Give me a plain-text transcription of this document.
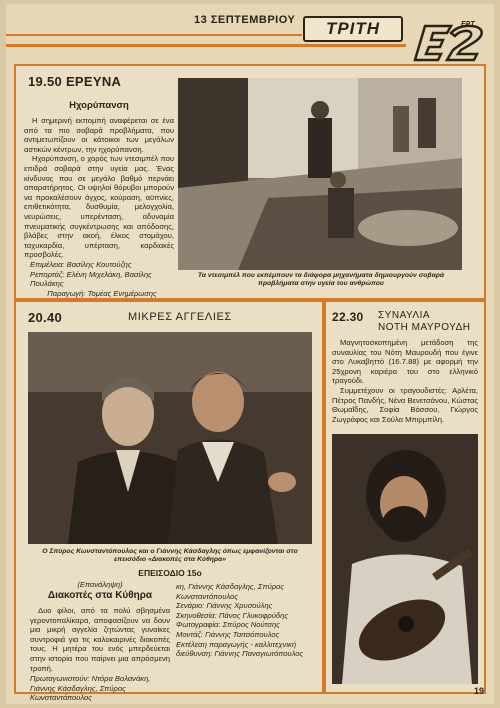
13 ΣΕΠΤΕΜΒΡΙΟΥ	ΤΡΙΤΗ	ΕΡΤ
19.50 ΕΡΕΥΝΑ
Ηχορύπανση

Η σημερινή εκπομπή αναφέρεται σε ένα από τα πιο σοβαρά προβλήματα, που αντιμετωπίζουν οι κάτοικοι των μεγάλων αστικών κέντρων, την ηχορύπανση.

Ηχορύπανση, ο χορός των ντεσιμπέλ που επιδρά σοβαρά στην υγεία μας. Ένας κίνδυνος που σε μεγάλο βαθμό περνάει απαρατήρητος. Οι υψηλοί θόρυβοι μπορούν να προκαλέσουν άγχος, κούραση, αϋπνίες, επιθετικότητα, δυσθυμία, μελογχολία, νευρώσεις, υπερένταση, αδυναμία πνευματικής συγκέντρωσης και απόδοσης, βλάβες στην ακοή, έλκος στομάχου, ταχυκαρδία, υπέρταση, καρδιακές προσβολές.

Επιμέλεια: Βασίλης Κουτούζης
Ρεπορτάζ: Ελένη Μιχελάκη, Βασίλης Πουλάκης
Παραγωγή: Τομέας Ενημέρωσης
Τα ντεσιμπέλ που εκπέμπουν τα διάφορα μηχανήματα δημιουργούν σοβαρά προβλήματα στην υγεία του ανθρώπου
20.40	ΜΙΚΡΕΣ ΑΓΓΕΛΙΕΣ
Ο Σπύρος Κωνσταντόπουλος και ο Γιάννης Κάσδαγλης όπως εμφανίζονται στο επεισόδιο «Διακοπές στα Κύθηρα»
ΕΠΕΙΣΟΔΙΟ 15ο
(Επανάληψη)
Διακοπές στα Κύθηρα

Δυο φίλοι, από τα πολύ σβησμένα γεροντοπαλίκαρα, αποφασίζουν να δουν μια μικρή αγγελία ζητώντας γυναίκες συντροφιά για τις καλοκαιρινές διακοπές τους. Η μητέρα του ενός μπερδεύεται στην ιστορία που παίρνει μια απρόσμενη τροπή.

Πρωταγωνιστούν: Ντόρα Βολανάκη, Γιάννης Κάσδαγλης, Σπύρος Κωνσταντόπουλος
κη, Γιάννης Κάσδαγλης, Σπύρος Κωνσταντόπουλος
Σενάριο: Γιάννης Χρυσούλης
Σκηνοθεσία: Πάνος Γλυκοφρύδης
Φωτογραφία: Σπύρος Νούτσης
Μοντάζ: Γιάννης Τσιτσόπουλος
Εκτέλεση παραγωγής - καλλιτεχνική
διεύθυνση: Γιάννης Παναγιωτόπουλος
22.30 ΣΥΝΑΥΛΙΑ
ΝΟΤΗ ΜΑΥΡΟΥΔΗ

Μαγνητοσκοπημένη μετάδοση της συναυλίας του Νότη Μαυρουδή που έγινε στο Λυκαβηττό (16.7.88) με αφορμή την 25χρονη καριέρα του στο ελληνικό τραγούδι.

Συμμετέχουν οι τραγουδιστές: Αρλέτα, Πέτρος Πανδής, Νένα Βενετσάνου, Κώστας Θωμαΐδης, Σοφία Βόσσου, Γιώργος Ζωγράφος και Σούλα Μπιρμπίλη.

19
